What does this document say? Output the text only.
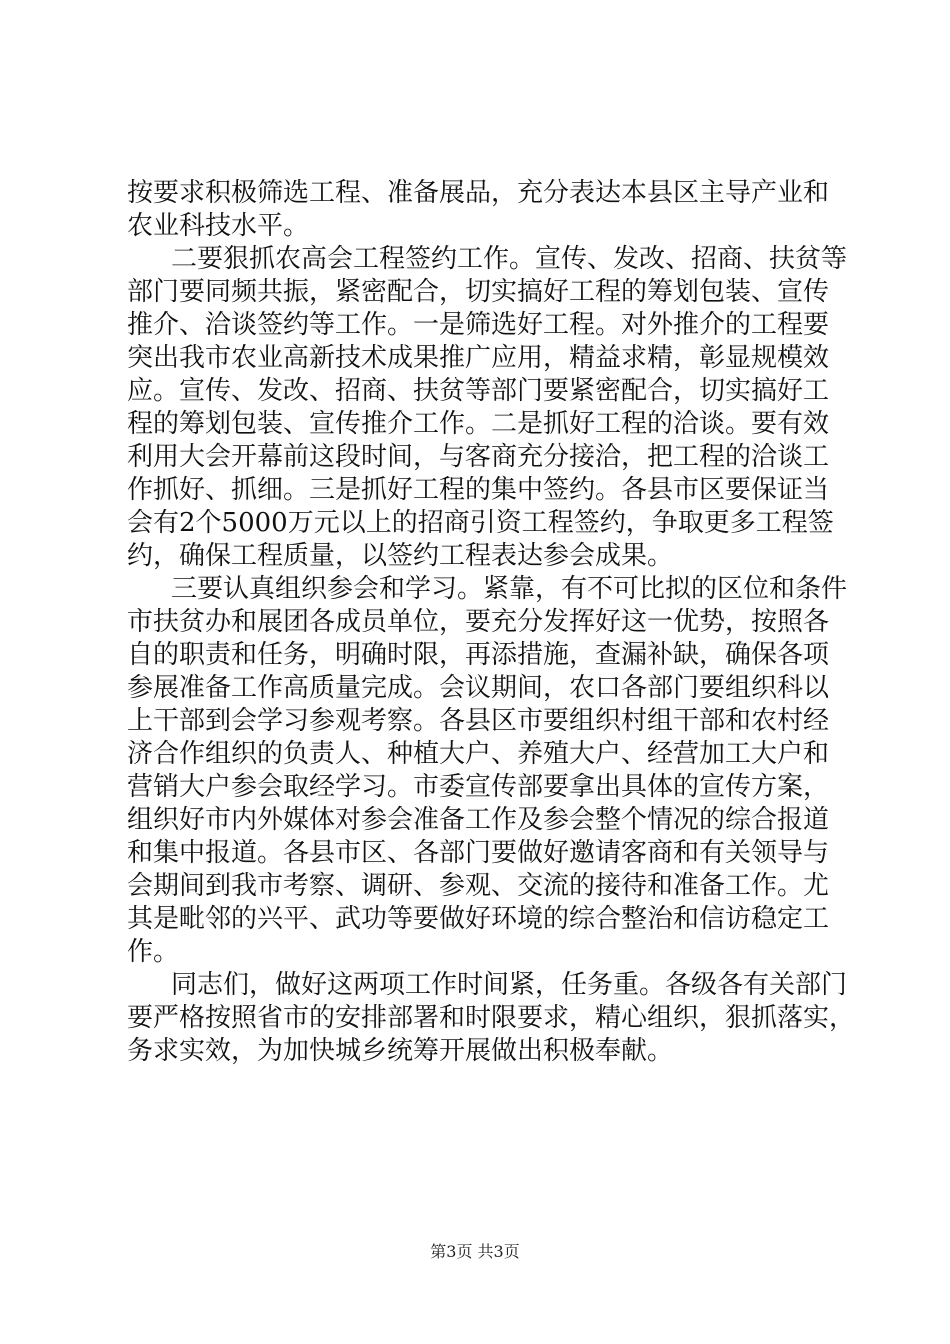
按要求积极筛选工程、准备展品，充分表达本县区主导产业和
农业科技水平。
二要狠抓农高会工程签约工作。宣传、发改、招商、扶贫等
部门要同频共振，紧密配合，切实搞好工程的筹划包装、宣传
推介、洽谈签约等工作。一是筛选好工程。对外推介的工程要
突出我市农业高新技术成果推广应用，精益求精，彰显规模效
应。宣传、发改、招商、扶贫等部门要紧密配合，切实搞好工
程的筹划包装、宣传推介工作。二是抓好工程的洽谈。要有效
利用大会开幕前这段时间，与客商充分接洽，把工程的洽谈工
作抓好、抓细。三是抓好工程的集中签约。各县市区要保证当
会有2个5000万元以上的招商引资工程签约，争取更多工程签
约，确保工程质量，以签约工程表达参会成果。
三要认真组织参会和学习。紧靠，有不可比拟的区位和条件
市扶贫办和展团各成员单位，要充分发挥好这一优势，按照各
自的职责和任务，明确时限，再添措施，查漏补缺，确保各项
参展准备工作高质量完成。会议期间，农口各部门要组织科以
上干部到会学习参观考察。各县区市要组织村组干部和农村经
济合作组织的负责人、种植大户、养殖大户、经营加工大户和
营销大户参会取经学习。市委宣传部要拿出具体的宣传方案，
组织好市内外媒体对参会准备工作及参会整个情况的综合报道
和集中报道。各县市区、各部门要做好邀请客商和有关领导与
会期间到我市考察、调研、参观、交流的接待和准备工作。尤
其是毗邻的兴平、武功等要做好环境的综合整治和信访稳定工
作。
同志们，做好这两项工作时间紧，任务重。各级各有关部门
要严格按照省市的安排部署和时限要求，精心组织，狠抓落实，
务求实效，为加快城乡统筹开展做出积极奉献。
第3页 共3页
